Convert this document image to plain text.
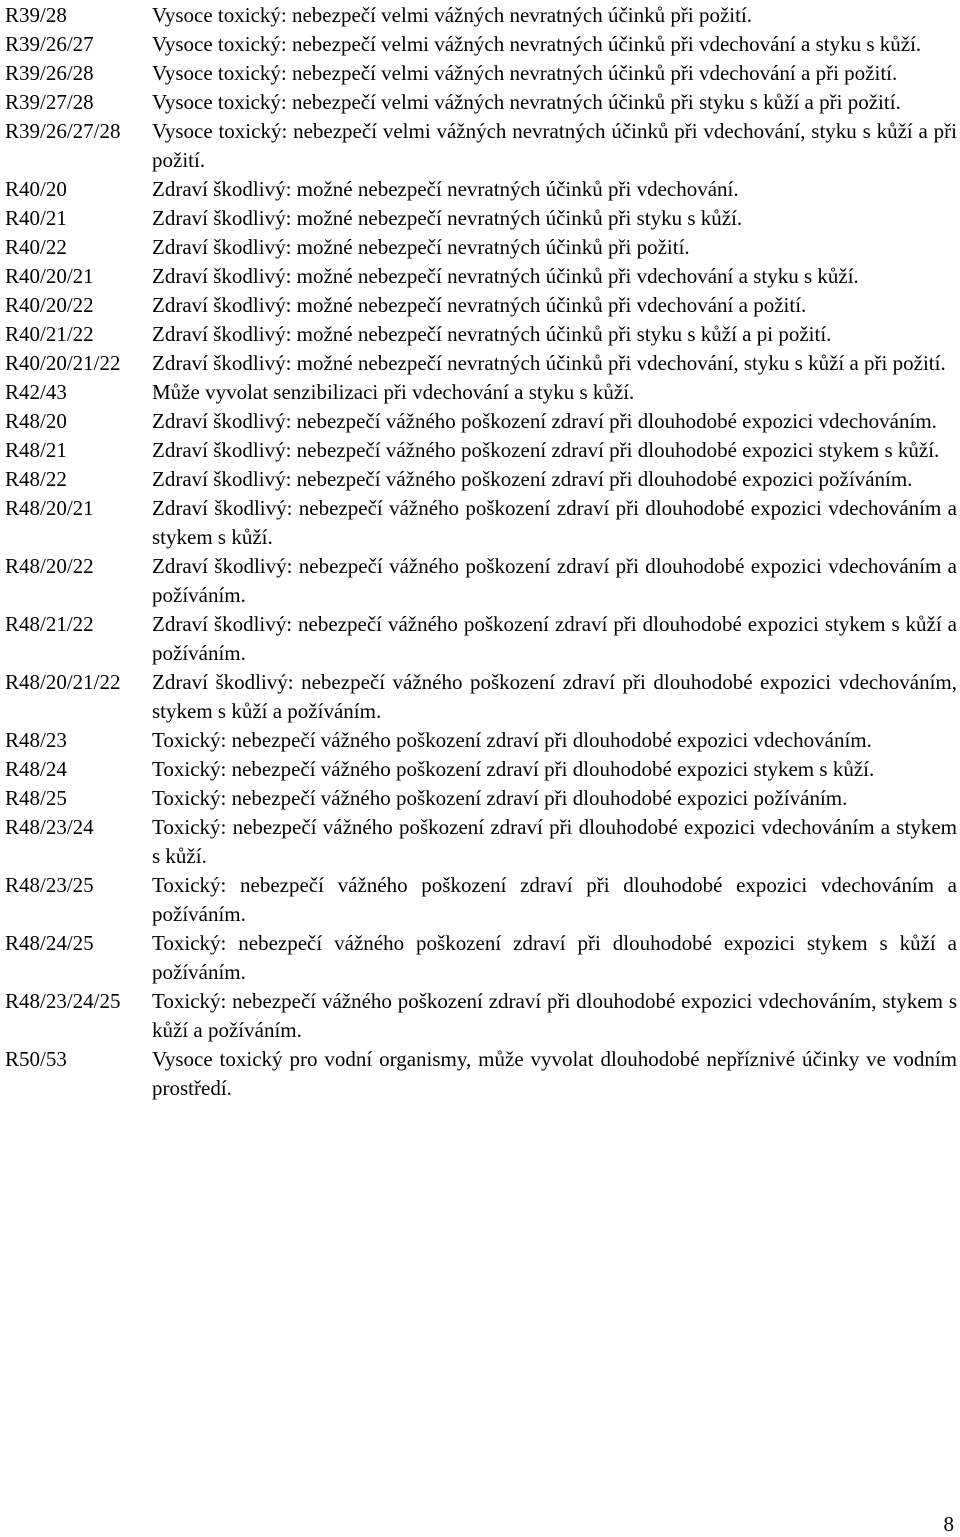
R39/28	Vysoce toxický: nebezpečí velmi vážných nevratných účinků při požití.
R39/26/27	Vysoce toxický: nebezpečí velmi vážných nevratných účinků při vdechování a styku s kůží.
R39/26/28	Vysoce toxický: nebezpečí velmi vážných nevratných účinků při vdechování a při požití.
R39/27/28	Vysoce toxický: nebezpečí velmi vážných nevratných účinků při styku s kůží a při požití.
R39/26/27/28 Vysoce toxický: nebezpečí velmi vážných nevratných účinků při vdechování, styku s kůží a při požití.
R40/20	Zdraví škodlivý: možné nebezpečí nevratných účinků při vdechování.
R40/21	Zdraví škodlivý: možné nebezpečí nevratných účinků při styku s kůží.
R40/22	Zdraví škodlivý: možné nebezpečí nevratných účinků při požití.
R40/20/21	Zdraví škodlivý: možné nebezpečí nevratných účinků při vdechování a styku s kůží.
R40/20/22	Zdraví škodlivý: možné nebezpečí nevratných účinků při vdechování a požití.
R40/21/22	Zdraví škodlivý: možné nebezpečí nevratných účinků při styku s kůží a pi požití.
R40/20/21/22 Zdraví škodlivý: možné nebezpečí nevratných účinků při vdechování, styku s kůží a při požití.
R42/43	Může vyvolat senzibilizaci při vdechování a styku s kůží.
R48/20	Zdraví škodlivý: nebezpečí vážného poškození zdraví při dlouhodobé expozici vdechováním.
R48/21	Zdraví škodlivý: nebezpečí vážného poškození zdraví při dlouhodobé expozici stykem s kůží.
R48/22	Zdraví škodlivý: nebezpečí vážného poškození zdraví při dlouhodobé expozici požíváním.
R48/20/21	Zdraví škodlivý: nebezpečí vážného poškození zdraví při dlouhodobé expozici vdechováním a stykem s kůží.
R48/20/22	Zdraví škodlivý: nebezpečí vážného poškození zdraví při dlouhodobé expozici vdechováním a požíváním.
R48/21/22	Zdraví škodlivý: nebezpečí vážného poškození zdraví při dlouhodobé expozici stykem s kůží a požíváním.
R48/20/21/22 Zdraví škodlivý: nebezpečí vážného poškození zdraví při dlouhodobé expozici vdechováním, stykem s kůží a požíváním.
R48/23	Toxický: nebezpečí vážného poškození zdraví při dlouhodobé expozici vdechováním.
R48/24	Toxický: nebezpečí vážného poškození zdraví při dlouhodobé expozici stykem s kůží.
R48/25	Toxický: nebezpečí vážného poškození zdraví při dlouhodobé expozici požíváním.
R48/23/24	Toxický: nebezpečí vážného poškození zdraví při dlouhodobé expozici vdechováním a stykem s kůží.
R48/23/25	Toxický: nebezpečí vážného poškození zdraví při dlouhodobé expozici vdechováním a požíváním.
R48/24/25	Toxický: nebezpečí vážného poškození zdraví při dlouhodobé expozici stykem s kůží a požíváním.
R48/23/24/25 Toxický: nebezpečí vážného poškození zdraví při dlouhodobé expozici vdechováním, stykem s kůží a požíváním.
R50/53	Vysoce toxický pro vodní organismy, může vyvolat dlouhodobé nepříznivé účinky ve vodním prostředí.
8
